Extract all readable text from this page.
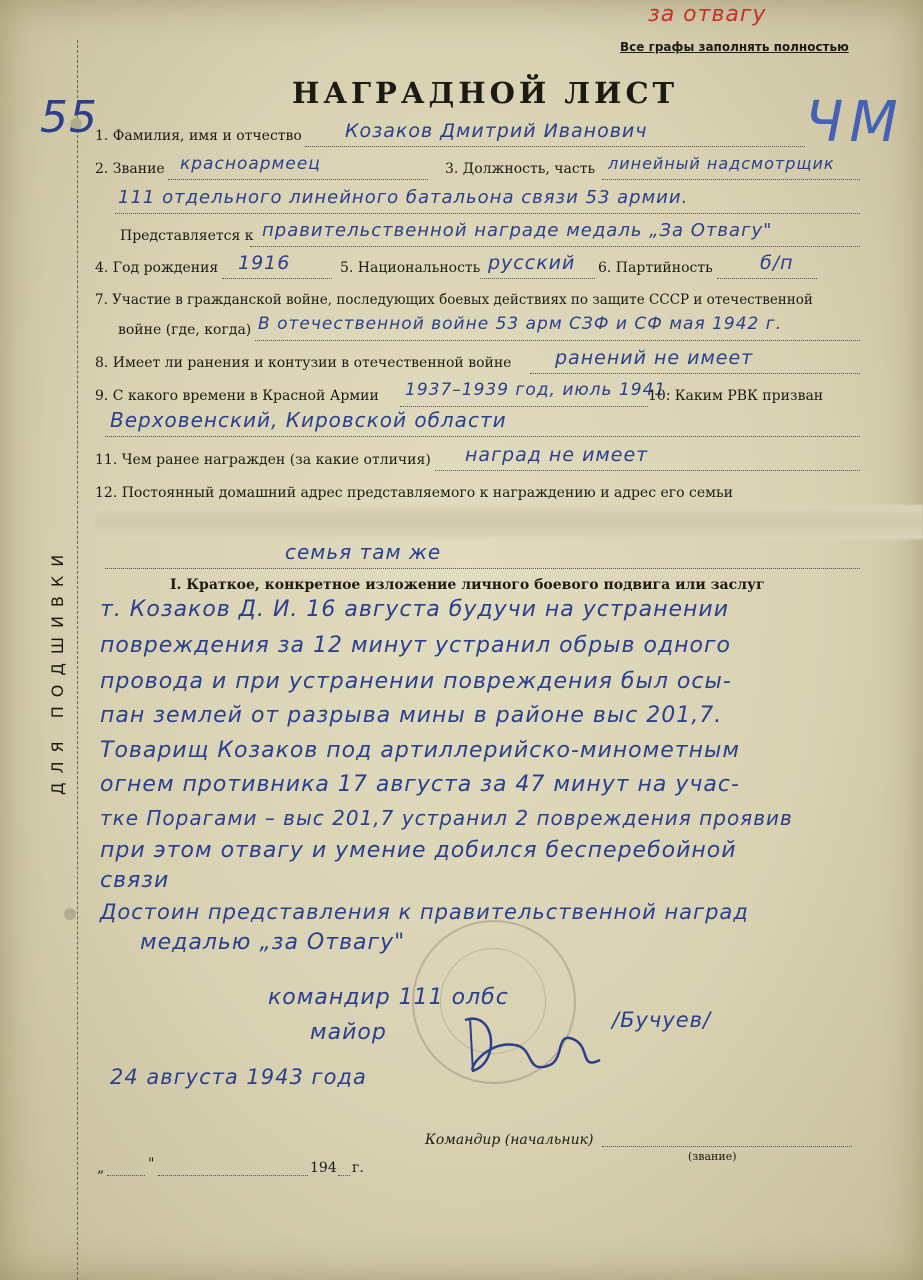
ДЛЯ ПОДШИВКИ
за отвагу
55	ЧМ
Все графы заполнять полностью
НАГРАДНОЙ ЛИСТ
1. Фамилия, имя и отчество Козаков Дмитрий Иванович
2. Звание красноармеец	3. Должность, часть линейный надсмотрщик
111 отдельного линейного батальона связи 53 армии.
Представляется к правительственной награде медаль „За Отвагу"
4. Год рождения 1916	5. Национальность русский 6. Партийность б/п
7. Участие в гражданской войне, последующих боевых действиях по защите СССР и отечественной
войне (где, когда) В отечественной войне 53 арм СЗФ и СФ мая 1942 г.
8. Имеет ли ранения и контузии в отечественной войне ранений не имеет
9. С какого времени в Красной Армии 1937–1939 год, июль 1941.
10. Каким РВК призван
Верховенский, Кировской области
11. Чем ранее награжден (за какие отличия) наград не имеет
12. Постоянный домашний адрес представляемого к награждению и адрес его семьи
семья там же
I. Краткое, конкретное изложение личного боевого подвига или заслуг
т. Козаков Д. И. 16 августа будучи на устранении
повреждения за 12 минут устранил обрыв одного
провода и при устранении повреждения был осы-
пан землей от разрыва мины в районе выс 201,7.
Товарищ Козаков под артиллерийско-минометным
огнем противника 17 августа за 47 минут на учас-
тке Порагами – выс 201,7 устранил 2 повреждения проявив
при этом отвагу и умение добился бесперебойной
связи
Достоин представления к правительственной наград
медалью „за Отвагу"
командир 111 олбс
майор	/Бучуев/
24 августа 1943 года
Командир (начальник)
(звание)
„	"	194 г.
